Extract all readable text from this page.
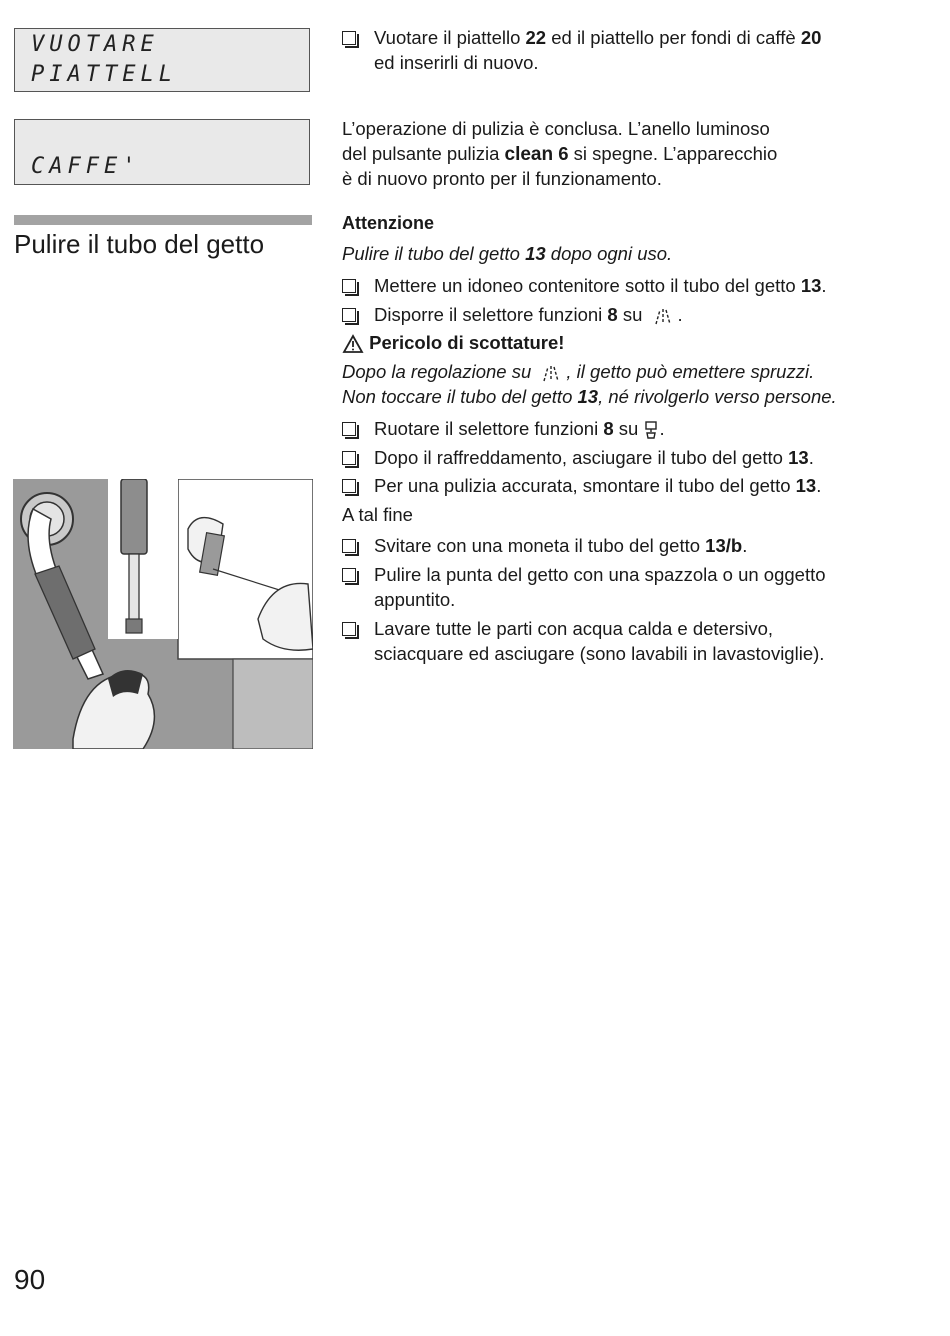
VUOTARE
PIATTELL
CAFFE'
Pulire il tubo del getto
Vuotare il piattello 22 ed il piattello per fondi di caffè 20
ed inserirli di nuovo.
L’operazione di pulizia è conclusa. L’anello luminoso
del pulsante pulizia clean 6 si spegne. L’apparecchio
è di nuovo pronto per il funzionamento.
Attenzione
Pulire il tubo del getto 13 dopo ogni uso.
Mettere un idoneo contenitore sotto il tubo del getto 13.
Disporre il selettore funzioni 8 su .
Pericolo di scottature!
Dopo la regolazione su , il getto può emettere spruzzi.
Non toccare il tubo del getto 13, né rivolgerlo verso persone.
Ruotare il selettore funzioni 8 su .
Dopo il raffreddamento, asciugare il tubo del getto 13.
Per una pulizia accurata, smontare il tubo del getto 13.
A tal fine
Svitare con una moneta il tubo del getto 13/b.
Pulire la punta del getto con una spazzola o un oggetto
appuntito.
Lavare tutte le parti con acqua calda e detersivo,
sciacquare ed asciugare (sono lavabili in lavastoviglie).
90
